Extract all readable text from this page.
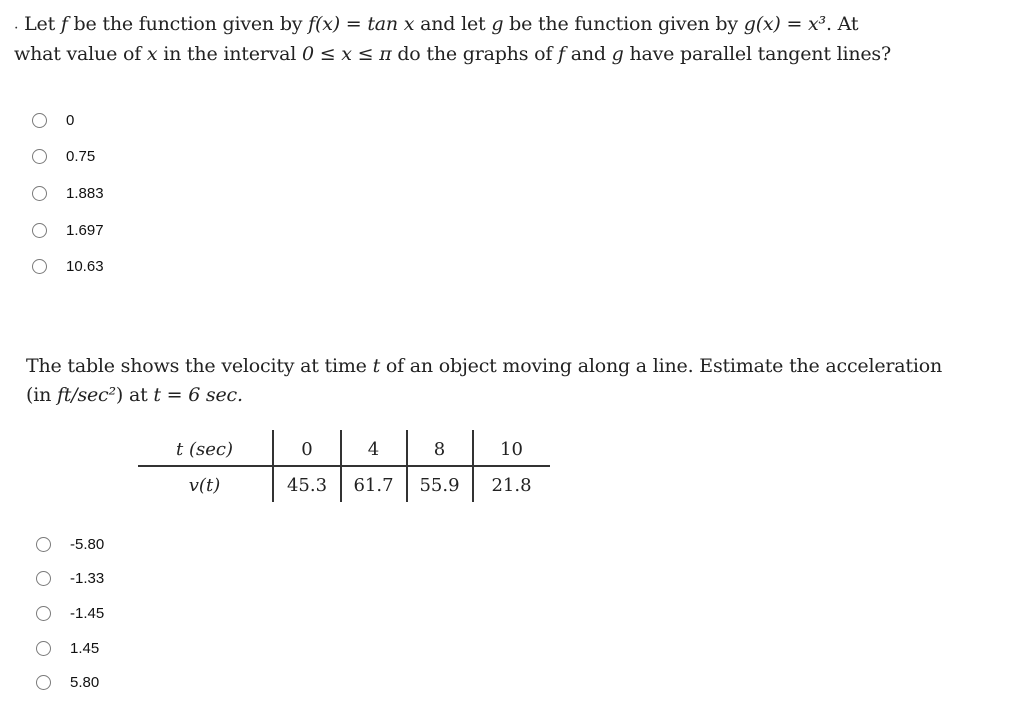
. Let f be the function given by f(x) = tan x and let g be the function given by g(x) = x³. At
what value of x in the interval 0 ≤ x ≤ π do the graphs of f and g have parallel tangent lines?
0
0.75
1.883
1.697
10.63
The table shows the velocity at time t of an object moving along a line. Estimate the acceleration
(in ft/sec²) at t = 6 sec.
t (sec)	0	4	8	10
v(t)	45.3	61.7	55.9	21.8
-5.80
-1.33
-1.45
1.45
5.80
